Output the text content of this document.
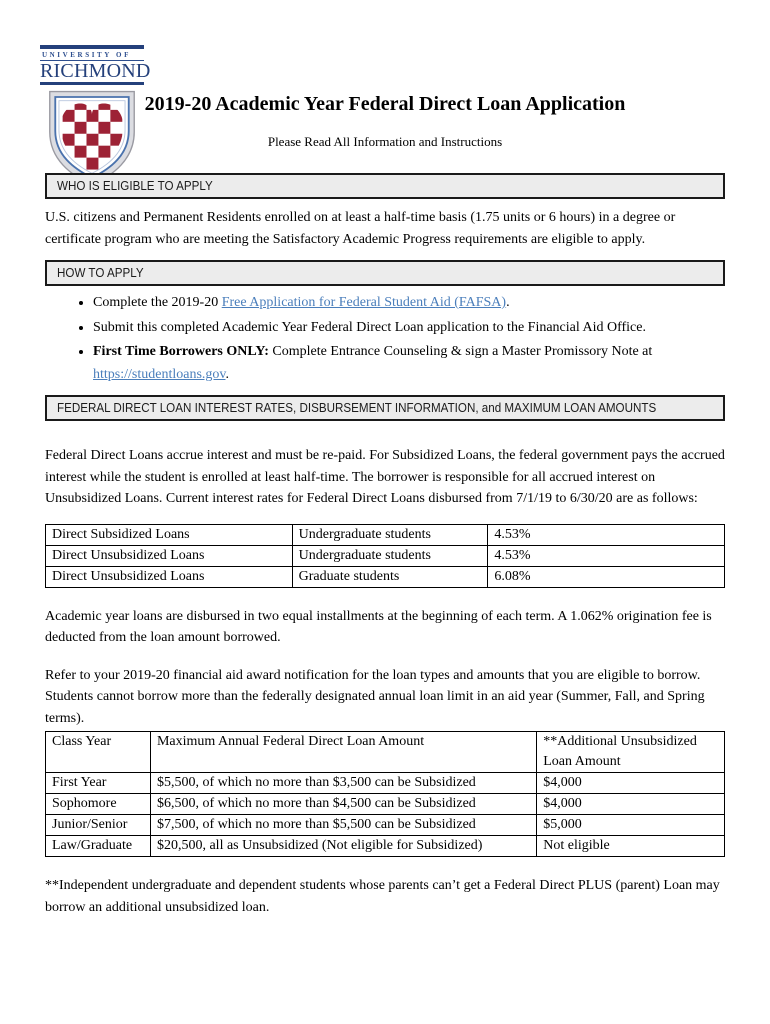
UNIVERSITY OF
RICHMOND
2019-20 Academic Year Federal Direct Loan Application
Please Read All Information and Instructions
WHO IS ELIGIBLE TO APPLY

U.S. citizens and Permanent Residents enrolled on at least a half-time basis (1.75 units or 6 hours) in a degree or certificate program who are meeting the Satisfactory Academic Progress requirements are eligible to apply.

HOW TO APPLY
• Complete the 2019-20 Free Application for Federal Student Aid (FAFSA).
• Submit this completed Academic Year Federal Direct Loan application to the Financial Aid Office.
• First Time Borrowers ONLY: Complete Entrance Counseling & sign a Master Promissory Note at https://studentloans.gov.
FEDERAL DIRECT LOAN INTEREST RATES, DISBURSEMENT INFORMATION, and MAXIMUM LOAN AMOUNTS

Federal Direct Loans accrue interest and must be re-paid. For Subsidized Loans, the federal government pays the accrued interest while the student is enrolled at least half-time. The borrower is responsible for all accrued interest on Unsubsidized Loans. Current interest rates for Federal Direct Loans disbursed from 7/1/19 to 6/30/20 are as follows:

Direct Subsidized Loans	Undergraduate students	4.53%
Direct Unsubsidized Loans	Undergraduate students	4.53%
Direct Unsubsidized Loans	Graduate students	6.08%

Academic year loans are disbursed in two equal installments at the beginning of each term. A 1.062% origination fee is deducted from the loan amount borrowed.

Refer to your 2019-20 financial aid award notification for the loan types and amounts that you are eligible to borrow. Students cannot borrow more than the federally designated annual loan limit in an aid year (Summer, Fall, and Spring terms).

Class Year	Maximum Annual Federal Direct Loan Amount	**Additional Unsubsidized Loan Amount
First Year	$5,500, of which no more than $3,500 can be Subsidized	$4,000
Sophomore	$6,500, of which no more than $4,500 can be Subsidized	$4,000
Junior/Senior	$7,500, of which no more than $5,500 can be Subsidized	$5,000
Law/Graduate	$20,500, all as Unsubsidized (Not eligible for Subsidized)	Not eligible

**Independent undergraduate and dependent students whose parents can’t get a Federal Direct PLUS (parent) Loan may borrow an additional unsubsidized loan.
